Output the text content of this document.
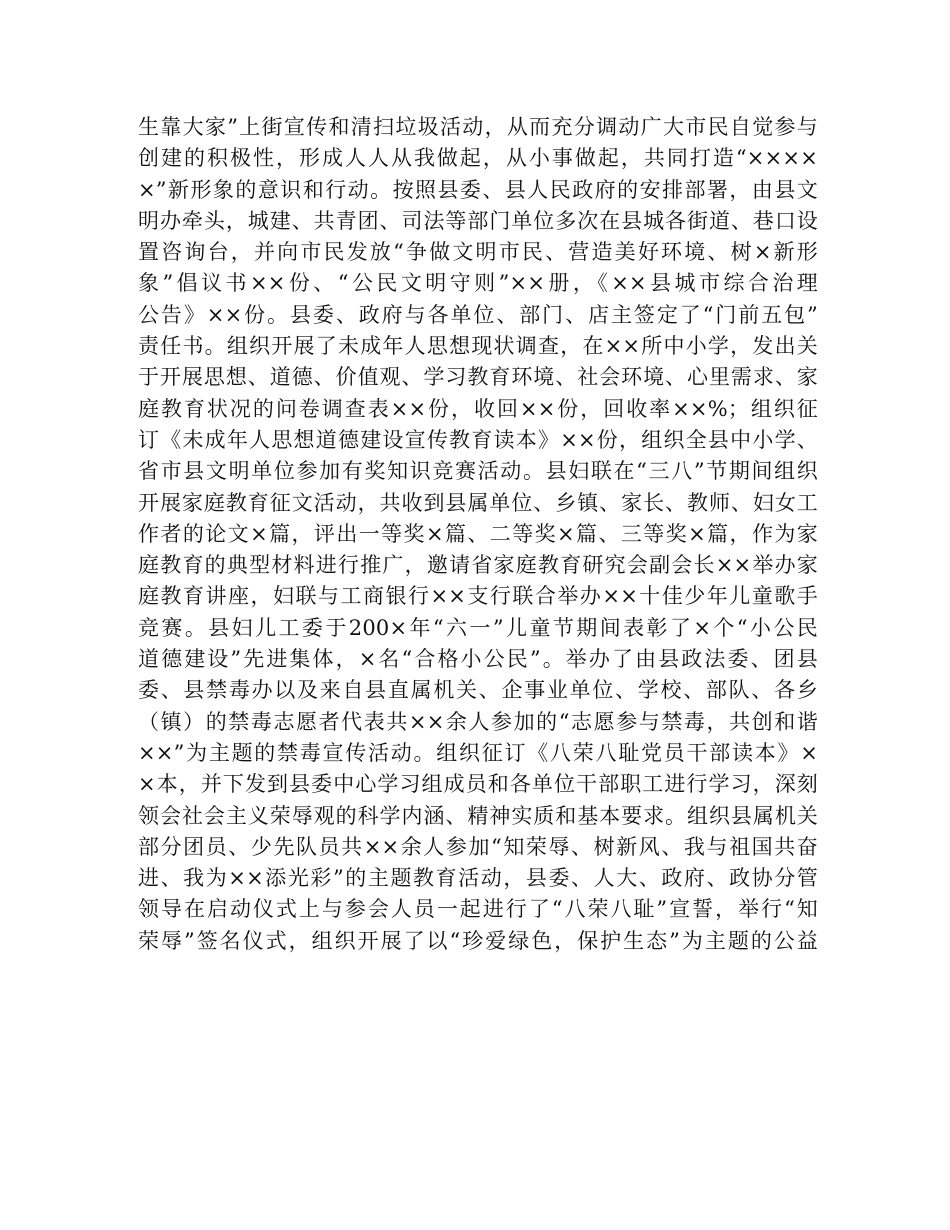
生靠大家”上街宣传和清扫垃圾活动，从而充分调动广大市民自觉参与
创建的积极性，形成人人从我做起，从小事做起，共同打造“××××
×”新形象的意识和行动。按照县委、县人民政府的安排部署，由县文
明办牵头，城建、共青团、司法等部门单位多次在县城各街道、巷口设
置咨询台，并向市民发放“争做文明市民、营造美好环境、树×新形
象”倡议书××份、“公民文明守则”××册，《××县城市综合治理
公告》××份。县委、政府与各单位、部门、店主签定了“门前五包”
责任书。组织开展了未成年人思想现状调查，在××所中小学，发出关
于开展思想、道德、价值观、学习教育环境、社会环境、心里需求、家
庭教育状况的问卷调查表××份，收回××份，回收率××%；组织征
订《未成年人思想道德建设宣传教育读本》××份，组织全县中小学、
省市县文明单位参加有奖知识竞赛活动。县妇联在“三八”节期间组织
开展家庭教育征文活动，共收到县属单位、乡镇、家长、教师、妇女工
作者的论文×篇，评出一等奖×篇、二等奖×篇、三等奖×篇，作为家
庭教育的典型材料进行推广，邀请省家庭教育研究会副会长××举办家
庭教育讲座，妇联与工商银行××支行联合举办××十佳少年儿童歌手
竞赛。县妇儿工委于200×年“六一”儿童节期间表彰了×个“小公民
道德建设”先进集体，×名“合格小公民”。举办了由县政法委、团县
委、县禁毒办以及来自县直属机关、企事业单位、学校、部队、各乡
（镇）的禁毒志愿者代表共××余人参加的“志愿参与禁毒，共创和谐
××”为主题的禁毒宣传活动。组织征订《八荣八耻党员干部读本》×
×本，并下发到县委中心学习组成员和各单位干部职工进行学习，深刻
领会社会主义荣辱观的科学内涵、精神实质和基本要求。组织县属机关
部分团员、少先队员共××余人参加“知荣辱、树新风、我与祖国共奋
进、我为××添光彩”的主题教育活动，县委、人大、政府、政协分管
领导在启动仪式上与参会人员一起进行了“八荣八耻”宣誓，举行“知
荣辱”签名仪式，组织开展了以“珍爱绿色，保护生态”为主题的公益
